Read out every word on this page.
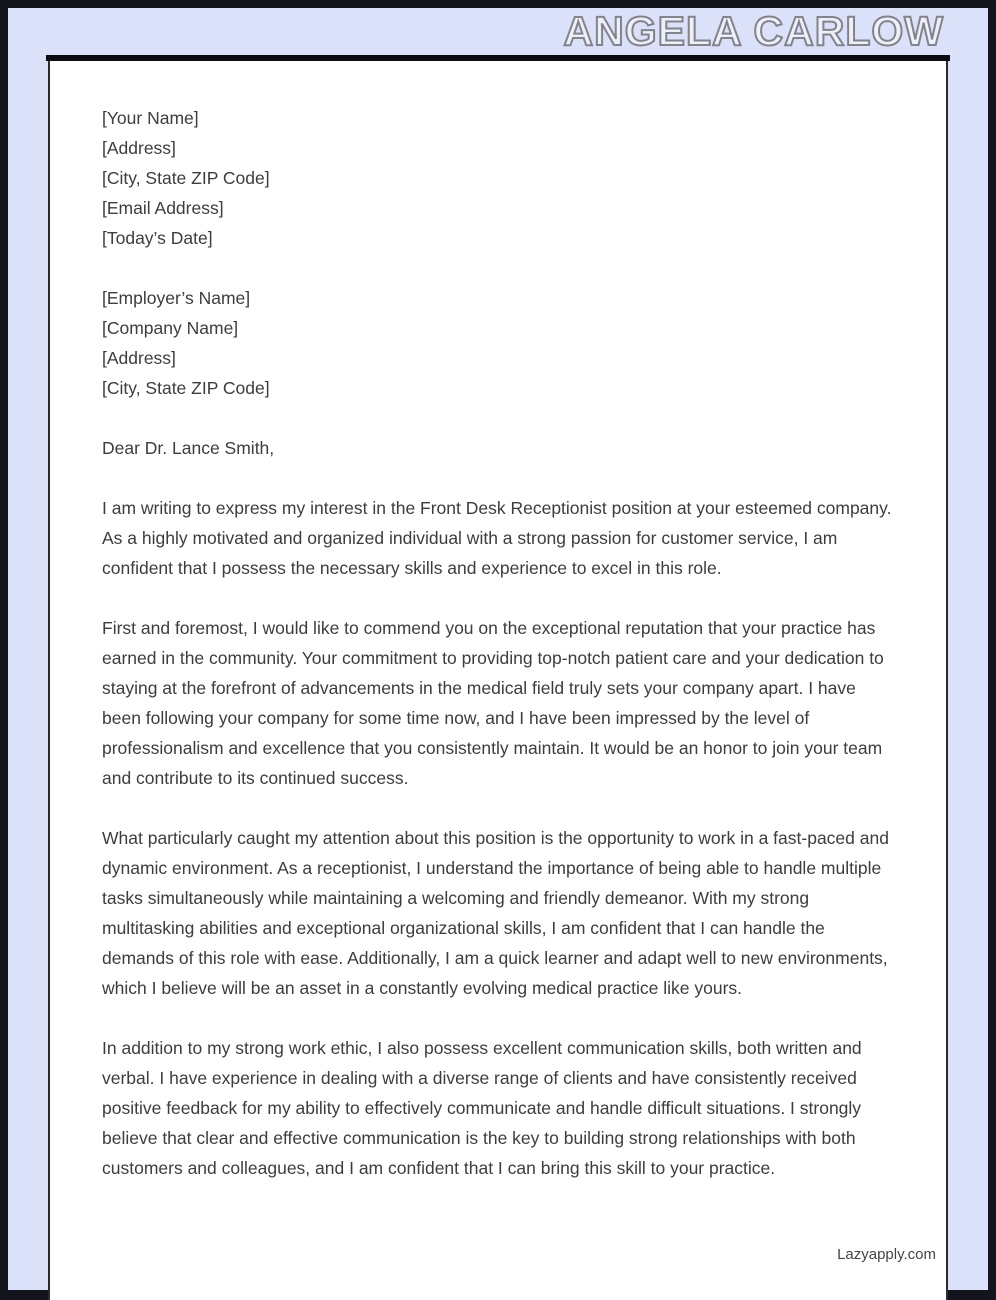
ANGELA CARLOW
[Your Name]
[Address]
[City, State ZIP Code]
[Email Address]
[Today’s Date]
[Employer’s Name]
[Company Name]
[Address]
[City, State ZIP Code]
Dear Dr. Lance Smith,

I am writing to express my interest in the Front Desk Receptionist position at your esteemed company. As a highly motivated and organized individual with a strong passion for customer service, I am confident that I possess the necessary skills and experience to excel in this role.

First and foremost, I would like to commend you on the exceptional reputation that your practice has earned in the community. Your commitment to providing top-notch patient care and your dedication to staying at the forefront of advancements in the medical field truly sets your company apart. I have been following your company for some time now, and I have been impressed by the level of professionalism and excellence that you consistently maintain. It would be an honor to join your team and contribute to its continued success.

What particularly caught my attention about this position is the opportunity to work in a fast-paced and dynamic environment. As a receptionist, I understand the importance of being able to handle multiple tasks simultaneously while maintaining a welcoming and friendly demeanor. With my strong multitasking abilities and exceptional organizational skills, I am confident that I can handle the demands of this role with ease. Additionally, I am a quick learner and adapt well to new environments, which I believe will be an asset in a constantly evolving medical practice like yours.

In addition to my strong work ethic, I also possess excellent communication skills, both written and verbal. I have experience in dealing with a diverse range of clients and have consistently received positive feedback for my ability to effectively communicate and handle difficult situations. I strongly believe that clear and effective communication is the key to building strong relationships with both customers and colleagues, and I am confident that I can bring this skill to your practice.

Lazyapply.com
